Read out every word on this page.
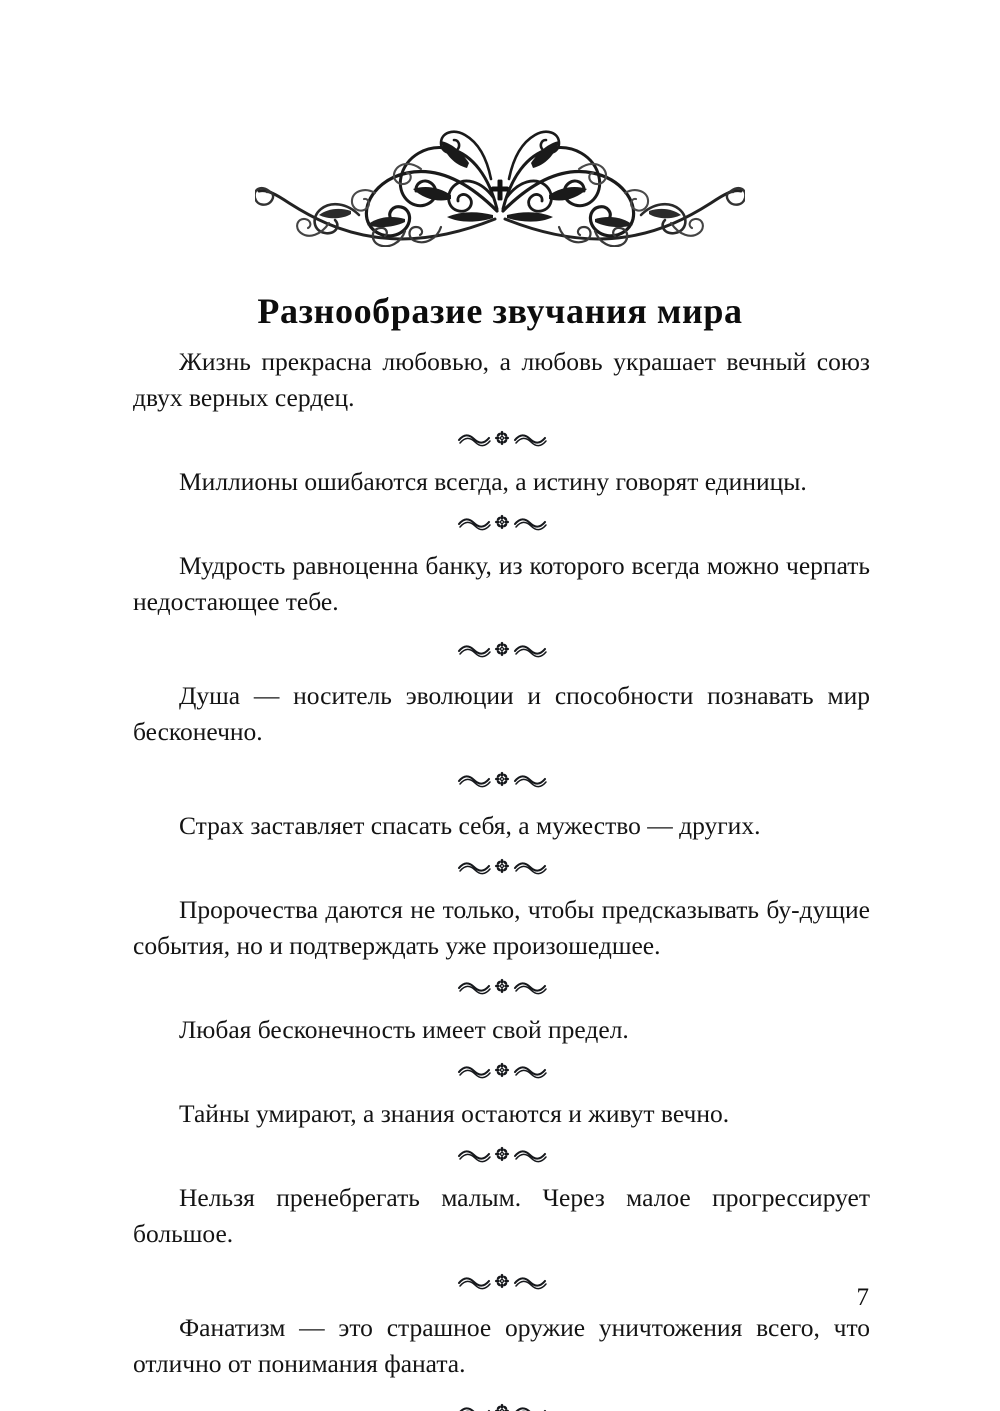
Разнообразие звучания мира

Жизнь прекрасна любовью, а любовь украшает вечный союз двух верных сердец.

Миллионы ошибаются всегда, а истину говорят единицы.

Мудрость равноценна банку, из которого всегда можно черпать недостающее тебе.

Душа — носитель эволюции и способности познавать мир бесконечно.

Страх заставляет спасать себя, а мужество — других.

Пророчества даются не только, чтобы предсказывать бу-дущие события, но и подтверждать уже произошедшее.

Любая бесконечность имеет свой предел.

Тайны умирают, а знания остаются и живут вечно.

Нельзя пренебрегать малым. Через малое прогрессирует большое.

Фанатизм — это страшное оружие уничтожения всего, что отлично от понимания фаната.

7
